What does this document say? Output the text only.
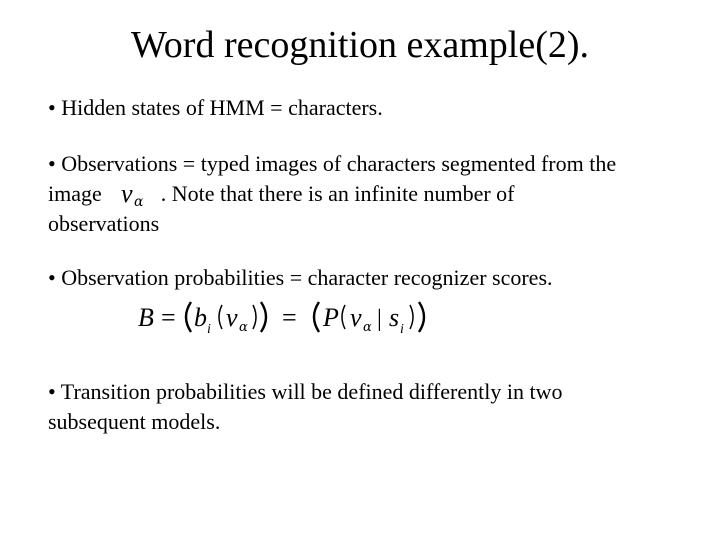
Word recognition example(2).
• Hidden states of HMM = characters.
• Observations = typed images of characters segmented from the
image v α . Note that there is an infinite number of
observations
• Observation probabilities = character recognizer scores.
B = b i v α = P v α | s i
• Transition probabilities will be defined differently in two
subsequent models.
